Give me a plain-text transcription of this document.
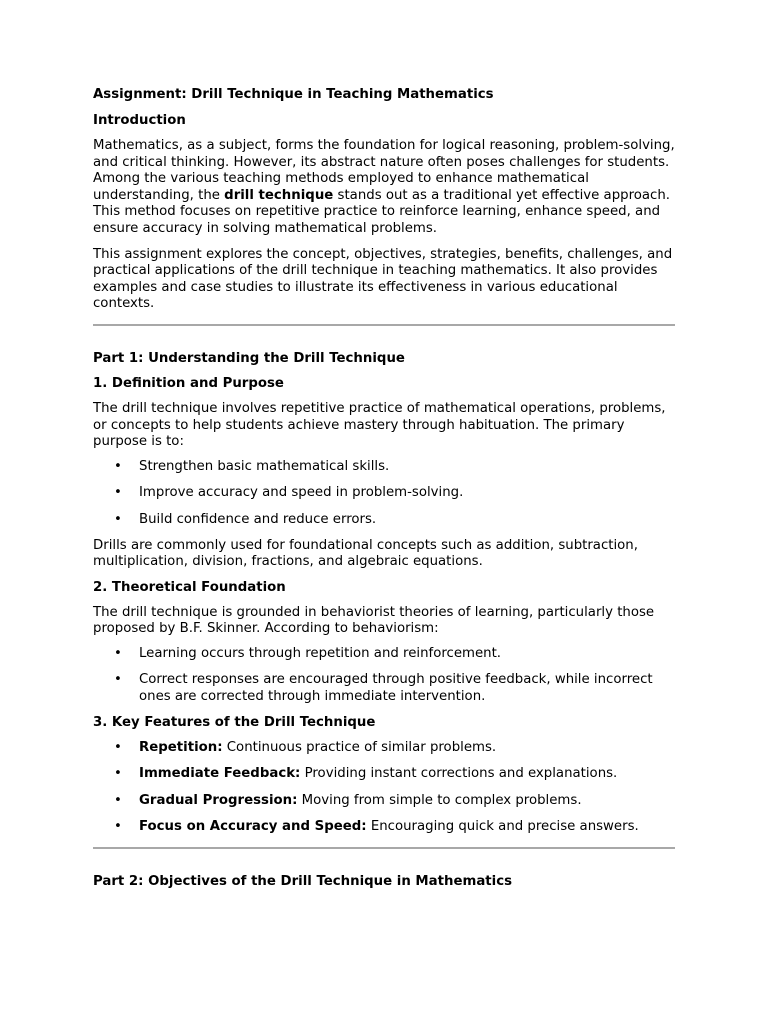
Assignment: Drill Technique in Teaching Mathematics
Introduction

Mathematics, as a subject, forms the foundation for logical reasoning, problem-solving, and critical thinking. However, its abstract nature often poses challenges for students. Among the various teaching methods employed to enhance mathematical understanding, the drill technique stands out as a traditional yet effective approach. This method focuses on repetitive practice to reinforce learning, enhance speed, and ensure accuracy in solving mathematical problems.

This assignment explores the concept, objectives, strategies, benefits, challenges, and practical applications of the drill technique in teaching mathematics. It also provides examples and case studies to illustrate its effectiveness in various educational contexts.

Part 1: Understanding the Drill Technique
1. Definition and Purpose

The drill technique involves repetitive practice of mathematical operations, problems, or concepts to help students achieve mastery through habituation. The primary purpose is to:

• Strengthen basic mathematical skills.
• Improve accuracy and speed in problem-solving.
• Build confidence and reduce errors.

Drills are commonly used for foundational concepts such as addition, subtraction, multiplication, division, fractions, and algebraic equations.

2. Theoretical Foundation

The drill technique is grounded in behaviorist theories of learning, particularly those proposed by B.F. Skinner. According to behaviorism:

• Learning occurs through repetition and reinforcement.
• Correct responses are encouraged through positive feedback, while incorrect ones are corrected through immediate intervention.
3. Key Features of the Drill Technique
• Repetition: Continuous practice of similar problems.
• Immediate Feedback: Providing instant corrections and explanations.
• Gradual Progression: Moving from simple to complex problems.
• Focus on Accuracy and Speed: Encouraging quick and precise answers.
Part 2: Objectives of the Drill Technique in Mathematics
